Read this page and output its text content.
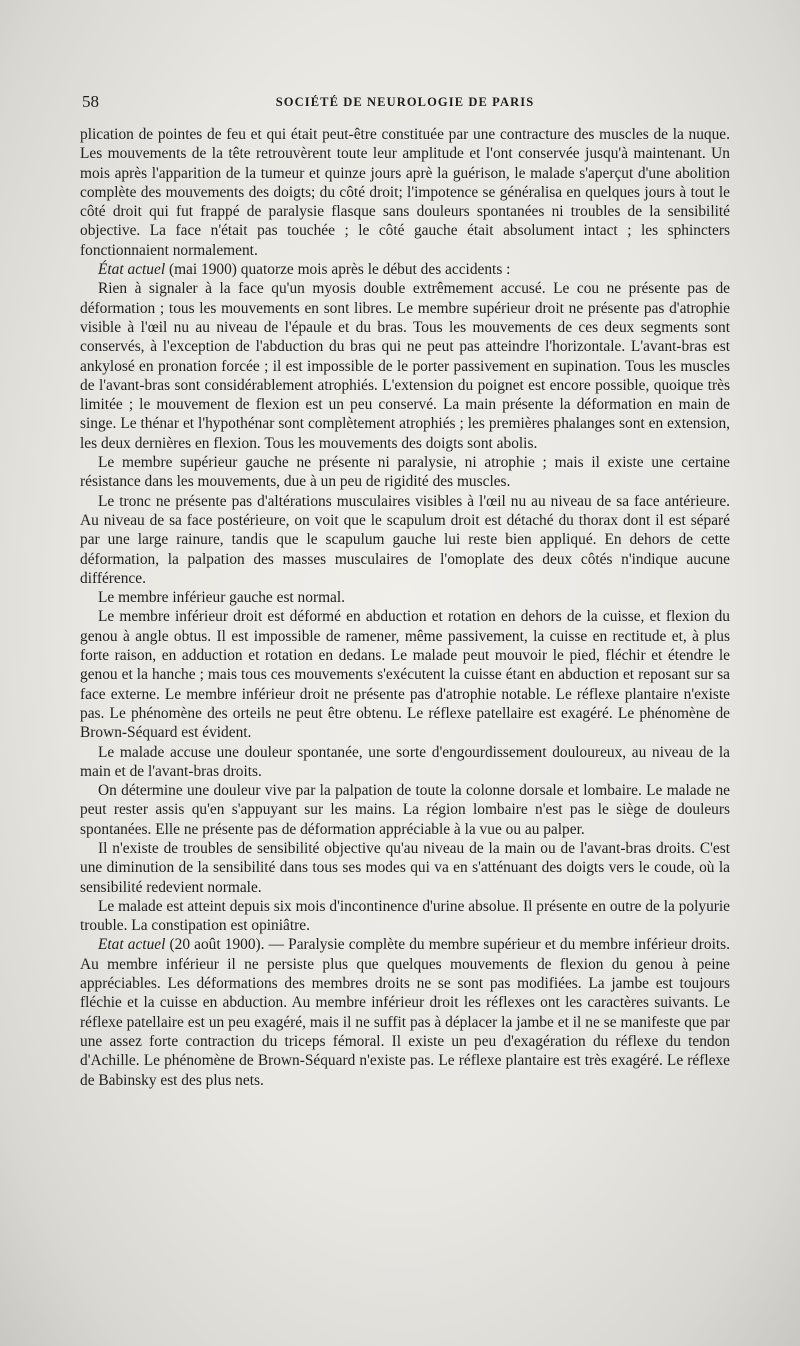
58	SOCIÉTÉ DE NEUROLOGIE DE PARIS

plication de pointes de feu et qui était peut-être constituée par une contracture des muscles de la nuque. Les mouvements de la tête retrouvèrent toute leur amplitude et l'ont conservée jusqu'à maintenant. Un mois après l'apparition de la tumeur et quinze jours aprè la guérison, le malade s'aperçut d'une abolition complète des mouvements des doigts; du côté droit; l'impotence se généralisa en quelques jours à tout le côté droit qui fut frappé de paralysie flasque sans douleurs spontanées ni troubles de la sensibilité objective. La face n'était pas touchée ; le côté gauche était absolument intact ; les sphincters fonctionnaient normalement.

État actuel (mai 1900) quatorze mois après le début des accidents :

Rien à signaler à la face qu'un myosis double extrêmement accusé. Le cou ne présente pas de déformation ; tous les mouvements en sont libres. Le membre supérieur droit ne présente pas d'atrophie visible à l'œil nu au niveau de l'épaule et du bras. Tous les mouvements de ces deux segments sont conservés, à l'exception de l'abduction du bras qui ne peut pas atteindre l'horizontale. L'avant-bras est ankylosé en pronation forcée ; il est impossible de le porter passivement en supination. Tous les muscles de l'avant-bras sont considérablement atrophiés. L'extension du poignet est encore possible, quoique très limitée ; le mouvement de flexion est un peu conservé. La main présente la déformation en main de singe. Le thénar et l'hypothénar sont complètement atrophiés ; les premières phalanges sont en extension, les deux dernières en flexion. Tous les mouvements des doigts sont abolis.

Le membre supérieur gauche ne présente ni paralysie, ni atrophie ; mais il existe une certaine résistance dans les mouvements, due à un peu de rigidité des muscles.

Le tronc ne présente pas d'altérations musculaires visibles à l'œil nu au niveau de sa face antérieure. Au niveau de sa face postérieure, on voit que le scapulum droit est détaché du thorax dont il est séparé par une large rainure, tandis que le scapulum gauche lui reste bien appliqué. En dehors de cette déformation, la palpation des masses musculaires de l'omoplate des deux côtés n'indique aucune différence.

Le membre inférieur gauche est normal.

Le membre inférieur droit est déformé en abduction et rotation en dehors de la cuisse, et flexion du genou à angle obtus. Il est impossible de ramener, même passivement, la cuisse en rectitude et, à plus forte raison, en adduction et rotation en dedans. Le malade peut mouvoir le pied, fléchir et étendre le genou et la hanche ; mais tous ces mouvements s'exécutent la cuisse étant en abduction et reposant sur sa face externe. Le membre inférieur droit ne présente pas d'atrophie notable. Le réflexe plantaire n'existe pas. Le phénomène des orteils ne peut être obtenu. Le réflexe patellaire est exagéré. Le phénomène de Brown-Séquard est évident.

Le malade accuse une douleur spontanée, une sorte d'engourdissement douloureux, au niveau de la main et de l'avant-bras droits.

On détermine une douleur vive par la palpation de toute la colonne dorsale et lombaire. Le malade ne peut rester assis qu'en s'appuyant sur les mains. La région lombaire n'est pas le siège de douleurs spontanées. Elle ne présente pas de déformation appréciable à la vue ou au palper.

Il n'existe de troubles de sensibilité objective qu'au niveau de la main ou de l'avant-bras droits. C'est une diminution de la sensibilité dans tous ses modes qui va en s'atténuant des doigts vers le coude, où la sensibilité redevient normale.

Le malade est atteint depuis six mois d'incontinence d'urine absolue. Il présente en outre de la polyurie trouble. La constipation est opiniâtre.

Etat actuel (20 août 1900). — Paralysie complète du membre supérieur et du membre inférieur droits. Au membre inférieur il ne persiste plus que quelques mouvements de flexion du genou à peine appréciables. Les déformations des membres droits ne se sont pas modifiées. La jambe est toujours fléchie et la cuisse en abduction. Au membre inférieur droit les réflexes ont les caractères suivants. Le réflexe patellaire est un peu exagéré, mais il ne suffit pas à déplacer la jambe et il ne se manifeste que par une assez forte contraction du triceps fémoral. Il existe un peu d'exagération du réflexe du tendon d'Achille. Le phénomène de Brown-Séquard n'existe pas. Le réflexe plantaire est très exagéré. Le réflexe de Babinsky est des plus nets.
